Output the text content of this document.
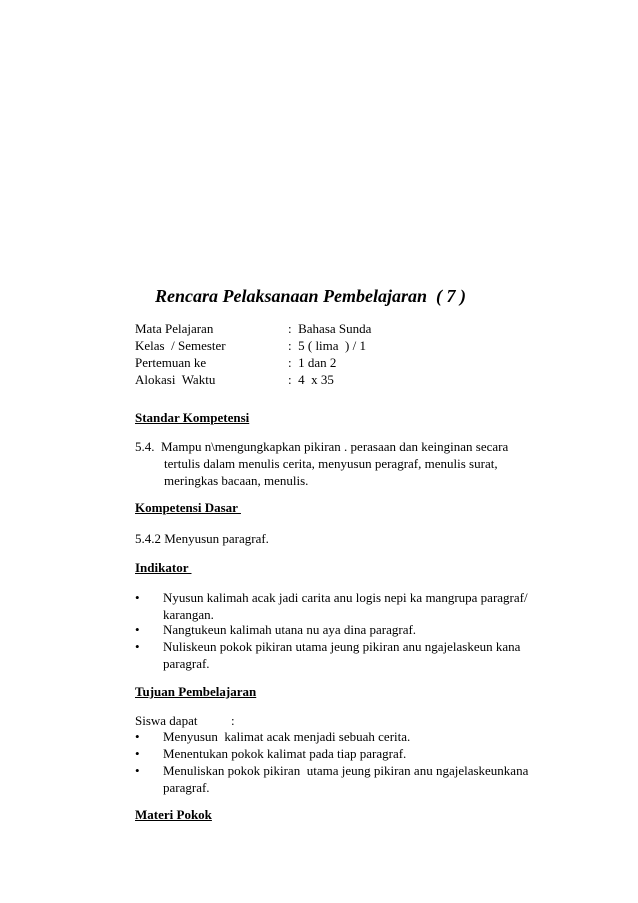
Rencara Pelaksanaan Pembelajaran  ( 7 )
Mata Pelajaran	:  Bahasa Sunda
Kelas  / Semester	:  5 ( lima  ) / 1
Pertemuan ke	:  1 dan 2
Alokasi  Waktu	:  4  x 35
Standar Kompetensi
5.4.  Mampu n\mengungkapkan pikiran . perasaan dan keinginan secara
tertulis dalam menulis cerita, menyusun peragraf, menulis surat,
meringkas bacaan, menulis.
Kompetensi Dasar
5.4.2 Menyusun paragraf.
Indikator
• Nyusun kalimah acak jadi carita anu logis nepi ka mangrupa paragraf/
karangan.
• Nangtukeun kalimah utana nu aya dina paragraf.
• Nuliskeun pokok pikiran utama jeung pikiran anu ngajelaskeun kana
paragraf.
Tujuan Pembelajaran
Siswa dapat	:
• Menyusun  kalimat acak menjadi sebuah cerita.
• Menentukan pokok kalimat pada tiap paragraf.
• Menuliskan pokok pikiran  utama jeung pikiran anu ngajelaskeunkana
paragraf.
Materi Pokok
